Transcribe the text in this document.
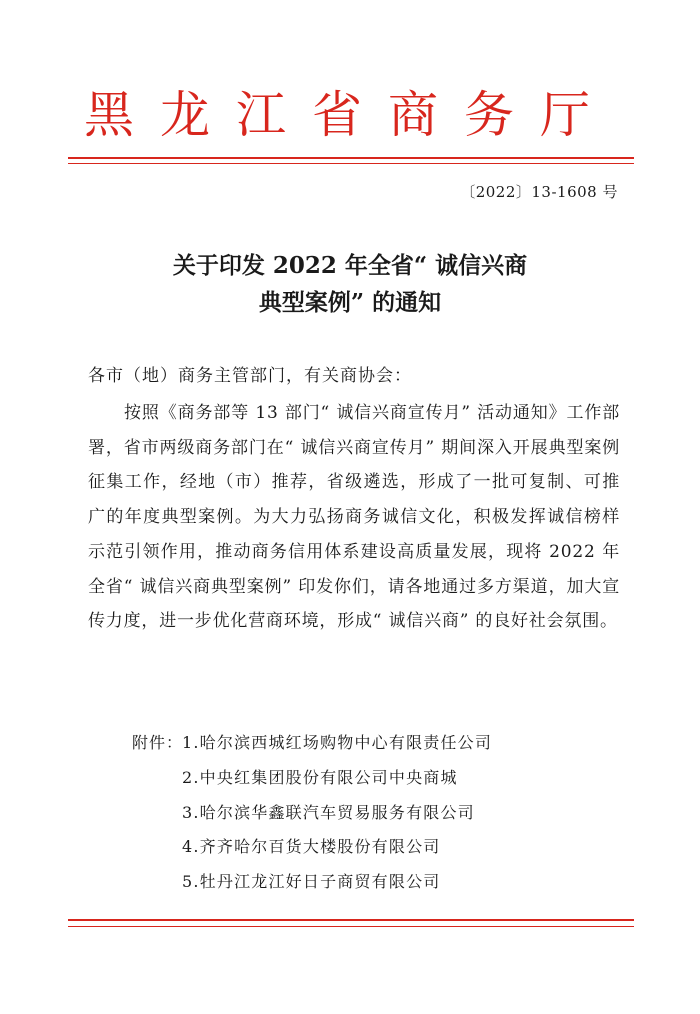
黑龙江省商务厅
〔2022〕13-1608 号
关于印发 2022 年全省“ 诚信兴商
典型案例” 的通知
各市（地）商务主管部门，有关商协会：
按照《商务部等 13 部门“ 诚信兴商宣传月” 活动通知》工作部署，省市两级商务部门在“ 诚信兴商宣传月” 期间深入开展典型案例征集工作，经地（市）推荐，省级遴选，形成了一批可复制、可推广的年度典型案例。为大力弘扬商务诚信文化，积极发挥诚信榜样示范引领作用，推动商务信用体系建设高质量发展，现将 2022 年全省“ 诚信兴商典型案例” 印发你们，请各地通过多方渠道，加大宣传力度，进一步优化营商环境，形成“ 诚信兴商” 的良好社会氛围。
附件：
1.哈尔滨西城红场购物中心有限责任公司
2.中央红集团股份有限公司中央商城
3.哈尔滨华鑫联汽车贸易服务有限公司
4.齐齐哈尔百货大楼股份有限公司
5.牡丹江龙江好日子商贸有限公司
